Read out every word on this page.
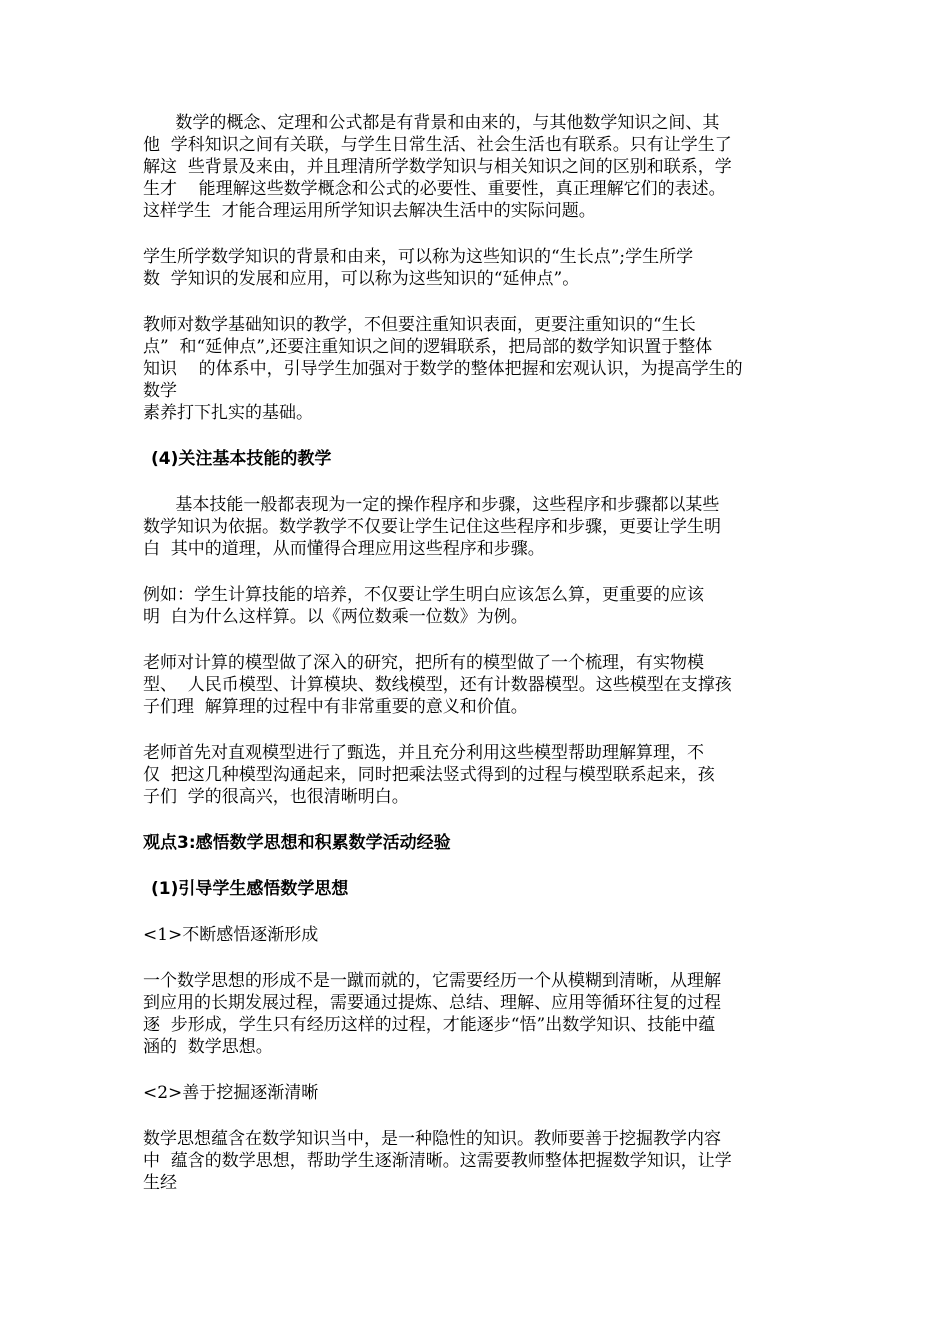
数学的概念、定理和公式都是有背景和由来的，与其他数学知识之间、其
他  学科知识之间有关联，与学生日常生活、社会生活也有联系。只有让学生了
解这  些背景及来由，并且理清所学数学知识与相关知识之间的区别和联系，学
生才    能理解这些数学概念和公式的必要性、重要性，真正理解它们的表述。
这样学生  才能合理运用所学知识去解决生活中的实际问题。
学生所学数学知识的背景和由来，可以称为这些知识的“生长点”;学生所学
数  学知识的发展和应用，可以称为这些知识的“延伸点”。
教师对数学基础知识的教学，不但要注重知识表面，更要注重知识的“生长
点”  和“延伸点”,还要注重知识之间的逻辑联系，把局部的数学知识置于整体
知识    的体系中，引导学生加强对于数学的整体把握和宏观认识，为提高学生的
数学
素养打下扎实的基础。
(4)关注基本技能的教学
基本技能一般都表现为一定的操作程序和步骤，这些程序和步骤都以某些
数学知识为依据。数学教学不仅要让学生记住这些程序和步骤，更要让学生明
白  其中的道理，从而懂得合理应用这些程序和步骤。
例如：学生计算技能的培养，不仅要让学生明白应该怎么算，更重要的应该
明  白为什么这样算。以《两位数乘一位数》为例。
老师对计算的模型做了深入的研究，把所有的模型做了一个梳理，有实物模
型、  人民币模型、计算模块、数线模型，还有计数器模型。这些模型在支撑孩
子们理  解算理的过程中有非常重要的意义和价值。
老师首先对直观模型进行了甄选，并且充分利用这些模型帮助理解算理，不
仅  把这几种模型沟通起来，同时把乘法竖式得到的过程与模型联系起来，孩
子们  学的很高兴，也很清晰明白。
观点3:感悟数学思想和积累数学活动经验
(1)引导学生感悟数学思想
<1>不断感悟逐渐形成
一个数学思想的形成不是一蹴而就的，它需要经历一个从模糊到清晰，从理解
到应用的长期发展过程，需要通过提炼、总结、理解、应用等循环往复的过程
逐  步形成，学生只有经历这样的过程，才能逐步“悟”出数学知识、技能中蕴
涵的  数学思想。
<2>善于挖掘逐渐清晰
数学思想蕴含在数学知识当中，是一种隐性的知识。教师要善于挖掘教学内容
中  蕴含的数学思想，帮助学生逐渐清晰。这需要教师整体把握数学知识，让学
生经
